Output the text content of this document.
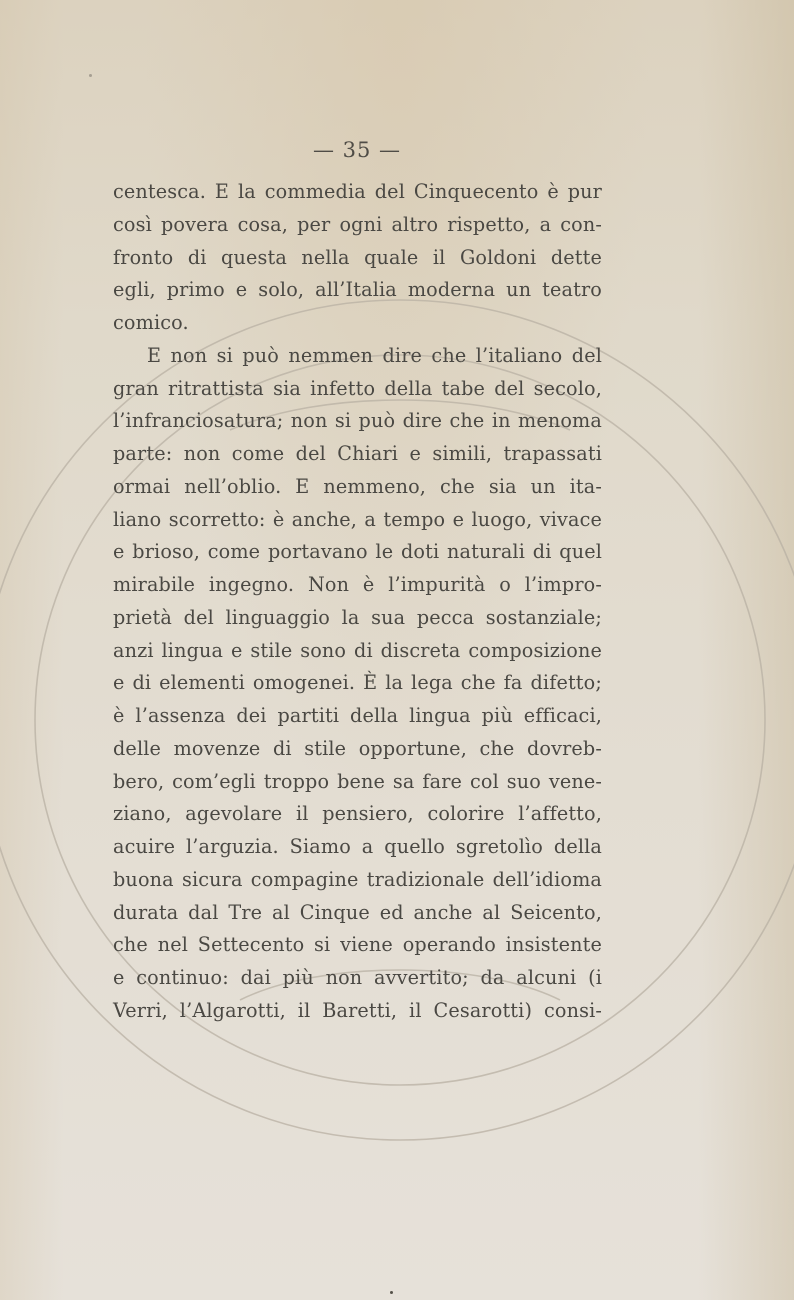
— 35 —
centesca. E la commedia del Cinquecento è pur
così povera cosa, per ogni altro rispetto, a con-
fronto di questa nella quale il Goldoni dette
egli, primo e solo, all’Italia moderna un teatro
comico.
E non si può nemmen dire che l’italiano del
gran ritrattista sia infetto della tabe del secolo,
l’infranciosatura; non si può dire che in menoma
parte: non come del Chiari e simili, trapassati
ormai nell’oblio. E nemmeno, che sia un ita-
liano scorretto: è anche, a tempo e luogo, vivace
e brioso, come portavano le doti naturali di quel
mirabile ingegno. Non è l’impurità o l’impro-
prietà del linguaggio la sua pecca sostanziale;
anzi lingua e stile sono di discreta composizione
e di elementi omogenei. È la lega che fa difetto;
è l’assenza dei partiti della lingua più efficaci,
delle movenze di stile opportune, che dovreb-
bero, com’egli troppo bene sa fare col suo vene-
ziano, agevolare il pensiero, colorire l’affetto,
acuire l’arguzia. Siamo a quello sgretolìo della
buona sicura compagine tradizionale dell’idioma
durata dal Tre al Cinque ed anche al Seicento,
che nel Settecento si viene operando insistente
e continuo: dai più non avvertito; da alcuni (i
Verri, l’Algarotti, il Baretti, il Cesarotti) consi-
